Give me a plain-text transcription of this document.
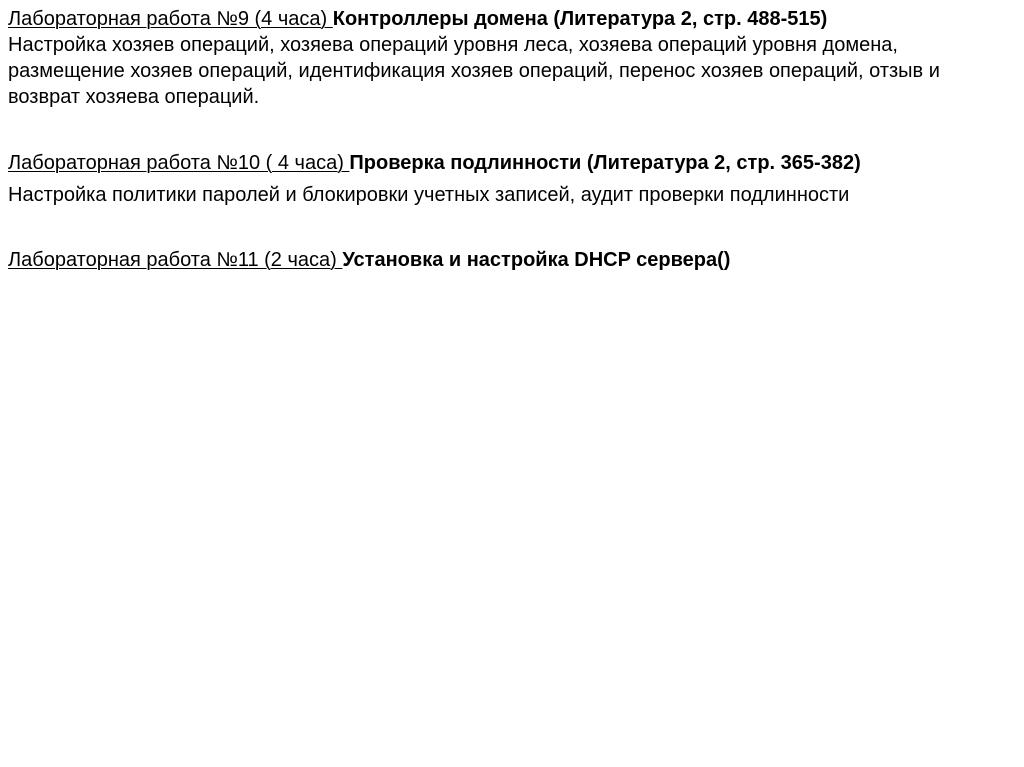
Лабораторная работа №9 (4 часа) Контроллеры домена (Литература 2, стр. 488-515)
Настройка хозяев операций, хозяева операций уровня леса, хозяева операций уровня домена, размещение хозяев операций, идентификация хозяев операций, перенос хозяев операций, отзыв и возврат хозяева операций.
Лабораторная работа №10 ( 4 часа) Проверка подлинности (Литература 2, стр. 365-382)
Настройка политики паролей и блокировки учетных записей, аудит проверки подлинности
Лабораторная работа №11 (2 часа) Установка и настройка DHCP сервера()
